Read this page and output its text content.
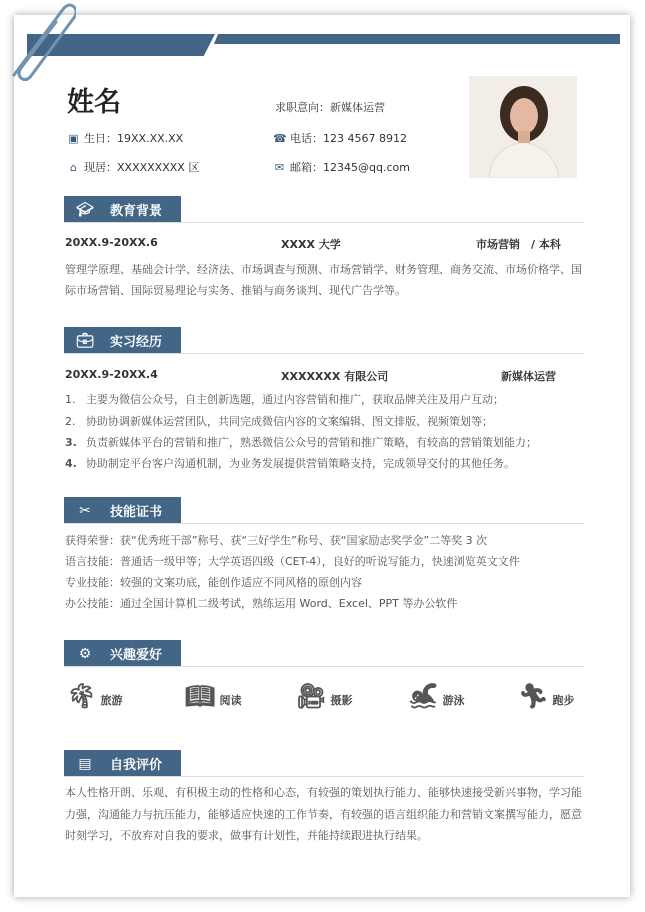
姓名	求职意向：新媒体运营
▣ 生日：19XX.XX.XX
⌂ 现居：XXXXXXXXX 区
☎ 电话：123 4567 8912
✉ 邮箱：12345@qq.com
🎓︎ 教育背景
20XX.9-20XX.6	XXXX 大学	市场营销　/ 本科
管理学原理、基础会计学、经济法、市场调查与预测、市场营销学、财务管理、商务交流、市场价格学、国
际市场营销、国际贸易理论与实务、推销与商务谈判、现代广告学等。
💼︎ 实习经历
20XX.9-20XX.4	XXXXXXX 有限公司	新媒体运营
1. 主要为微信公众号，自主创新选题，通过内容营销和推广，获取品牌关注及用户互动；
2. 协助协调新媒体运营团队，共同完成微信内容的文案编辑、图文排版、视频策划等；
3. 负责新媒体平台的营销和推广，熟悉微信公众号的营销和推广策略，有较高的营销策划能力；
4. 协助制定平台客户沟通机制，为业务发展提供营销策略支持，完成领导交付的其他任务。
✂	技能证书
获得荣誉：获“优秀班干部”称号、获“三好学生”称号、获“国家励志奖学金”二等奖 3 次
语言技能：普通话一级甲等；大学英语四级（CET-4），良好的听说写能力，快速浏览英文文件
专业技能：较强的文案功底，能创作适应不同风格的原创内容
办公技能：通过全国计算机二级考试，熟练运用 Word、Excel、PPT 等办公软件
⚙	兴趣爱好
🌴︎ 旅游	📖︎ 阅读 🎥︎ 摄影 🏊︎ 游泳 🏃︎ 跑步
▤	自我评价
本人性格开朗、乐观、有积极主动的性格和心态，有较强的策划执行能力、能够快速接受新兴事物，学习能
力强，沟通能力与抗压能力，能够适应快速的工作节奏，有较强的语言组织能力和营销文案撰写能力，愿意
时刻学习，不放弃对自我的要求，做事有计划性，并能持续跟进执行结果。
